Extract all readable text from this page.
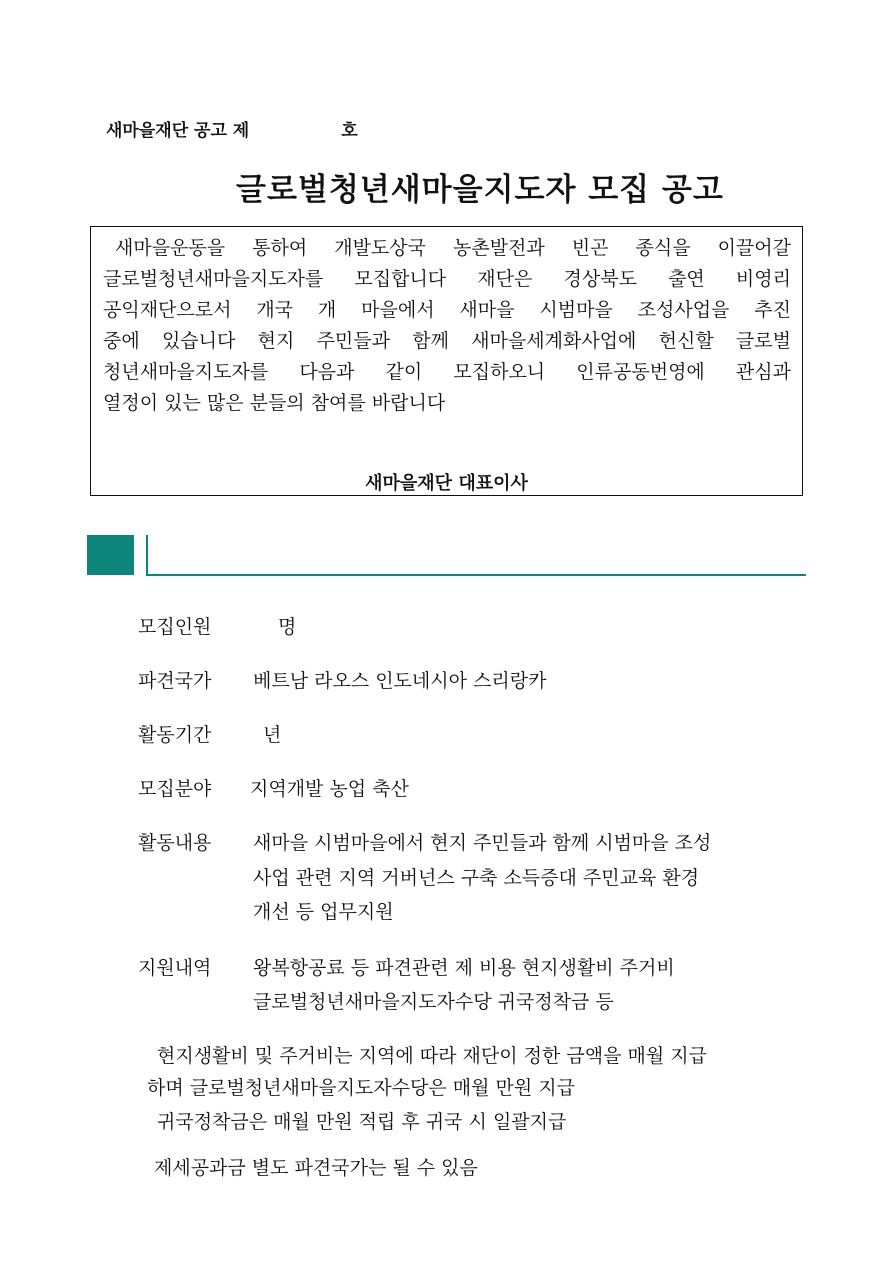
새마을재단 공고 제	호
글로벌청년새마을지도자 모집 공고
새마을운동을 통하여 개발도상국 농촌발전과 빈곤 종식을 이끌어갈
글로벌청년새마을지도자를 모집합니다 재단은 경상북도 출연 비영리
공익재단으로서 개국 개 마을에서 새마을 시범마을 조성사업을 추진
중에 있습니다 현지 주민들과 함께 새마을세계화사업에 헌신할 글로벌
청년새마을지도자를 다음과 같이 모집하오니 인류공동번영에 관심과
열정이 있는 많은 분들의 참여를 바랍니다
새마을재단 대표이사
모집인원	명
파견국가 베트남 라오스 인도네시아 스리랑카
활동기간	년
모집분야 지역개발 농업 축산
활동내용 새마을 시범마을에서 현지 주민들과 함께 시범마을 조성
사업 관련 지역 거버넌스 구축 소득증대 주민교육 환경
개선 등 업무지원
지원내역 왕복항공료 등 파견관련 제 비용 현지생활비 주거비
글로벌청년새마을지도자수당 귀국정착금 등
현지생활비 및 주거비는 지역에 따라 재단이 정한 금액을 매월 지급
하며 글로벌청년새마을지도자수당은 매월 만원 지급
귀국정착금은 매월 만원 적립 후 귀국 시 일괄지급
제세공과금 별도 파견국가는 될 수 있음
